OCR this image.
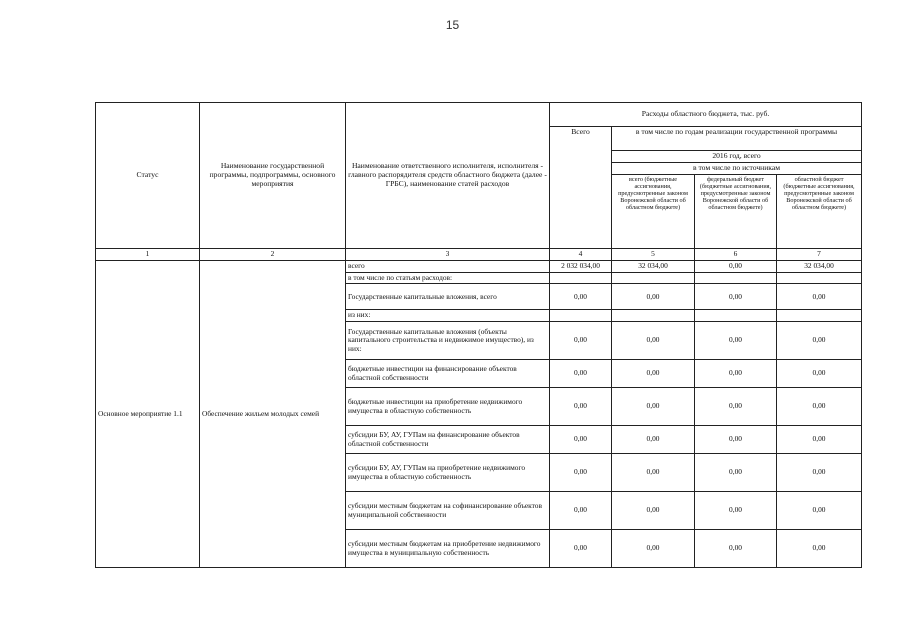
15
Статус	Наименование государственной программы, подпрограммы, основного мероприятия	Наименование ответственного исполнителя, исполнителя - главного распорядителя средств областного бюджета (далее - ГРБС), наименование статей расходов	Расходы областного бюджета, тыс. руб.			
			Всего	в том числе по годам реализации государственной программы		
				2016 год, всего		
				в том числе по источникам		
				всего (бюджетные ассигнования, предусмотренные законом Воронежской области об областном бюджете)	федеральный бюджет (бюджетные ассигнования, предусмотренные законом Воронежской области об областном бюджете)	областной бюджет (бюджетные ассигнования, предусмотренные законом Воронежской области об областном бюджете)
1	2	3	4	5	6	7
Основное мероприятие 1.1	Обеспечение жильем молодых семей	всего	2 032 034,00	32 034,00	0,00	32 034,00
		в том числе по статьям расходов:				
		Государственные капитальные вложения, всего	0,00	0,00	0,00	0,00
		из них:				
		Государственные капитальные вложения (объекты капитального строительства и недвижимое имущество), из них:	0,00	0,00	0,00	0,00
		бюджетные инвестиции на финансирование объектов областной собственности	0,00	0,00	0,00	0,00
		бюджетные инвестиции на приобретение недвижимого имущества в областную собственность	0,00	0,00	0,00	0,00
		субсидии БУ, АУ, ГУПам на финансирование объектов областной собственности	0,00	0,00	0,00	0,00
		субсидии БУ, АУ, ГУПам на приобретение недвижимого имущества в областную собственность	0,00	0,00	0,00	0,00
		субсидии местным бюджетам на софинансирование объектов муниципальной собственности	0,00	0,00	0,00	0,00
		субсидии местным бюджетам на приобретение недвижимого имущества в муниципальную собственность	0,00	0,00	0,00	0,00
